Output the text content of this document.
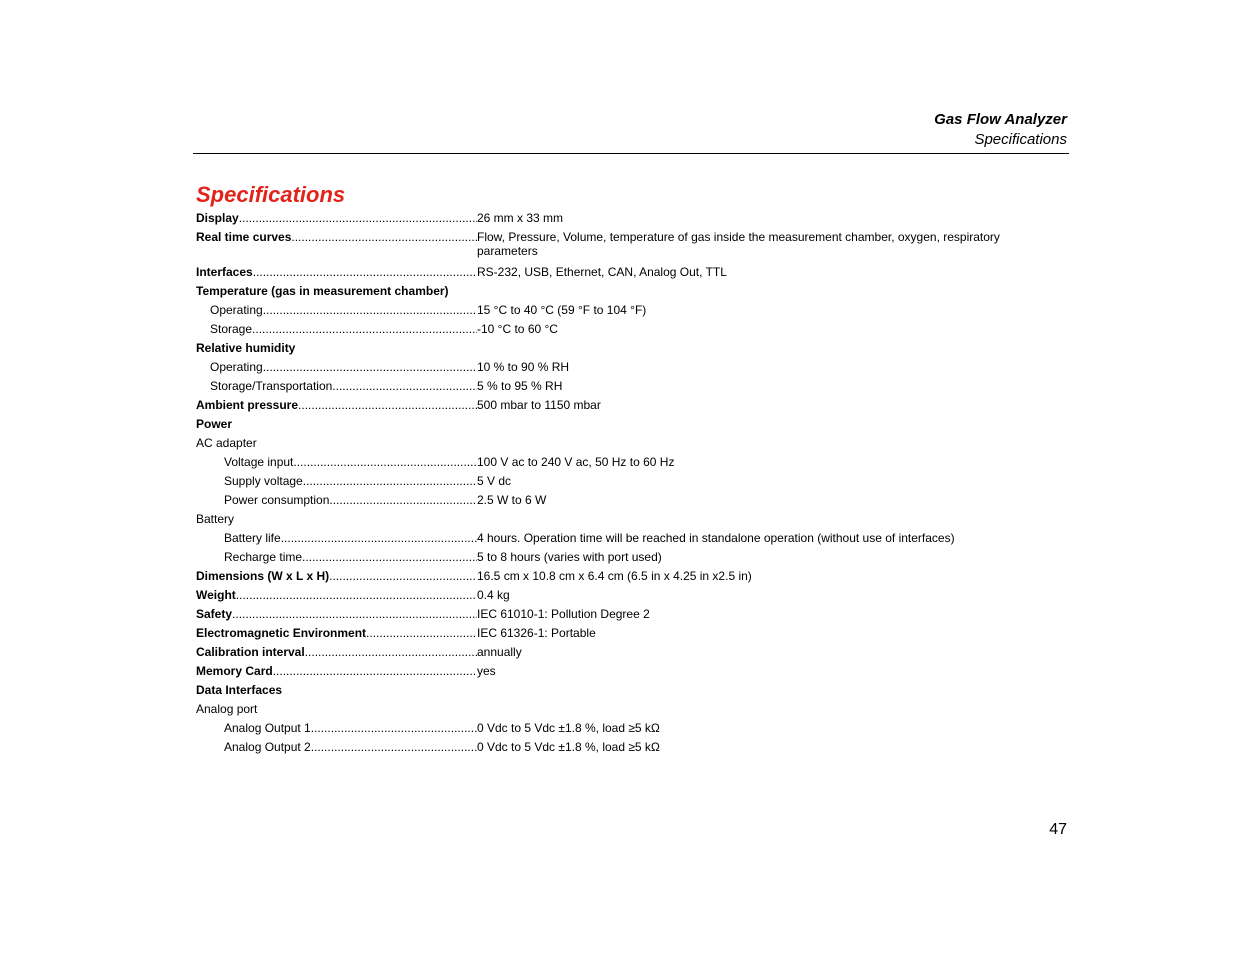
Gas Flow Analyzer
Specifications
Specifications
Display .....	26 mm x 33 mm
Real time curves .....	Flow, Pressure, Volume, temperature of gas inside the measurement chamber, oxygen, respiratory parameters
Interfaces .....	RS-232, USB, Ethernet, CAN, Analog Out, TTL
Temperature (gas in measurement chamber)
Operating .....	15 °C to 40 °C (59 °F to 104 °F)
Storage .....	-10 °C to 60 °C
Relative humidity
Operating .....	10 % to 90 % RH
Storage/Transportation .....	5 % to 95 % RH
Ambient pressure .....	500 mbar to 1150 mbar
Power
AC adapter
Voltage input .....	100 V ac to 240 V ac, 50 Hz to 60 Hz
Supply voltage .....	5 V dc
Power consumption .....	2.5 W to 6 W
Battery
Battery life .....	4 hours. Operation time will be reached in standalone operation (without use of interfaces)
Recharge time .....	5 to 8 hours (varies with port used)
Dimensions (W x L x H) .....	16.5 cm x 10.8 cm x 6.4 cm (6.5 in x 4.25 in x2.5 in)
Weight .....	0.4 kg
Safety .....	IEC 61010-1: Pollution Degree 2
Electromagnetic Environment .....	IEC 61326-1: Portable
Calibration interval .....	annually
Memory Card .....	yes
Data Interfaces
Analog port
Analog Output 1 .....	0 Vdc to 5 Vdc ±1.8 %, load ≥5 kΩ
Analog Output 2 .....	0 Vdc to 5 Vdc ±1.8 %, load ≥5 kΩ
47
